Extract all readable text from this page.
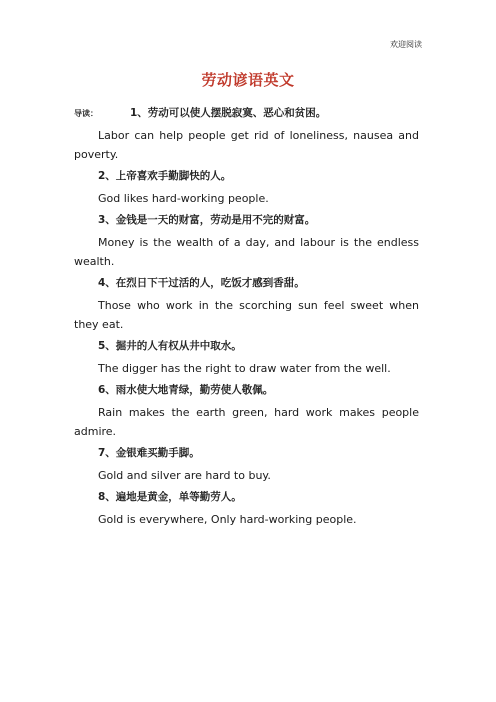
欢迎阅读
劳动谚语英文

导读：	1、劳动可以使人摆脱寂寞、恶心和贫困。

Labor can help people get rid of loneliness, nausea and poverty.

2、上帝喜欢手勤脚快的人。

God likes hard-working people.

3、金钱是一天的财富，劳动是用不完的财富。

Money is the wealth of a day, and labour is the endless wealth.

4、在烈日下干过活的人，吃饭才感到香甜。

Those who work in the scorching sun feel sweet when they eat.

5、掘井的人有权从井中取水。

The digger has the right to draw water from the well.

6、雨水使大地青绿，勤劳使人敬佩。

Rain makes the earth green, hard work makes people admire.

7、金银难买勤手脚。

Gold and silver are hard to buy.

8、遍地是黄金，单等勤劳人。

Gold is everywhere, Only hard-working people.
